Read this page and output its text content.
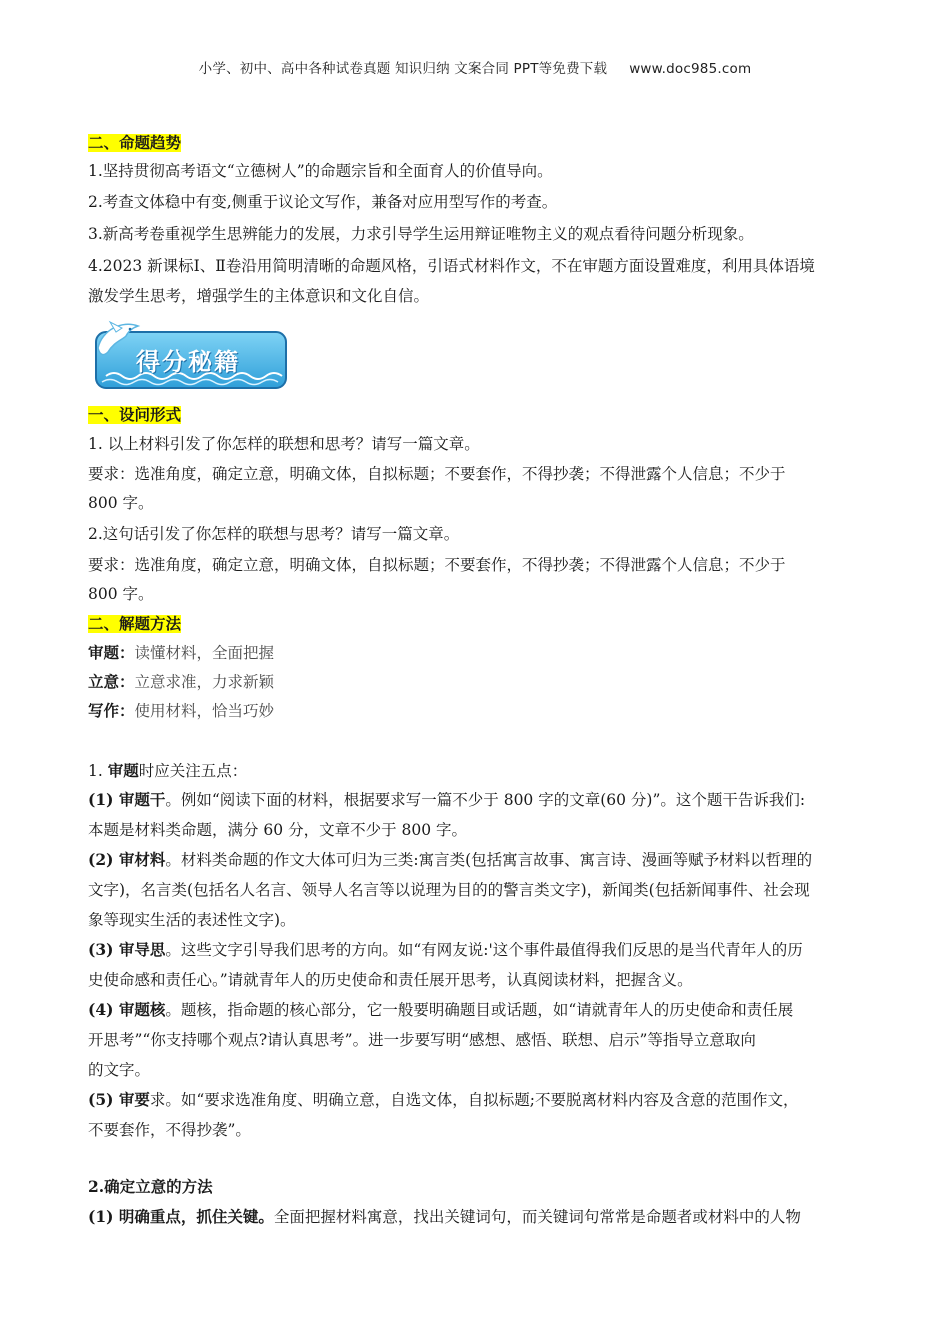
小学、初中、高中各种试卷真题 知识归纳 文案合同 PPT等免费下载 www.doc985.com
二、命题趋势
1.坚持贯彻高考语文“立德树人”的命题宗旨和全面育人的价值导向。
2.考查文体稳中有变,侧重于议论文写作，兼备对应用型写作的考查。
3.新高考卷重视学生思辨能力的发展，力求引导学生运用辩证唯物主义的观点看待问题分析现象。
4.2023 新课标Ⅰ、Ⅱ卷沿用简明清晰的命题风格，引语式材料作文，不在审题方面设置难度，利用具体语境
激发学生思考，增强学生的主体意识和文化自信。
得分秘籍
一、设问形式
1. 以上材料引发了你怎样的联想和思考？请写一篇文章。
要求：选准角度，确定立意，明确文体，自拟标题；不要套作，不得抄袭；不得泄露个人信息；不少于
800 字。
2.这句话引发了你怎样的联想与思考？请写一篇文章。
要求：选准角度，确定立意，明确文体，自拟标题；不要套作，不得抄袭；不得泄露个人信息；不少于
800 字。
二、解题方法
审题：读懂材料，全面把握
立意：立意求准，力求新颖
写作：使用材料，恰当巧妙
1. 审题时应关注五点：
(1) 审题干。例如“阅读下面的材料，根据要求写一篇不少于 800 字的文章(60 分)”。这个题干告诉我们:
本题是材料类命题，满分 60 分，文章不少于 800 字。
(2) 审材料。材料类命题的作文大体可归为三类:寓言类(包括寓言故事、寓言诗、漫画等赋予材料以哲理的
文字)，名言类(包括名人名言、领导人名言等以说理为目的的警言类文字)，新闻类(包括新闻事件、社会现
象等现实生活的表述性文字)。
(3) 审导思。这些文字引导我们思考的方向。如“有网友说:'这个事件最值得我们反思的是当代青年人的历
史使命感和责任心。”请就青年人的历史使命和责任展开思考，认真阅读材料，把握含义。
(4) 审题核。题核，指命题的核心部分，它一般要明确题目或话题，如“请就青年人的历史使命和责任展
开思考”“你支持哪个观点?请认真思考”。进一步要写明“感想、感悟、联想、启示”等指导立意取向
的文字。
(5) 审要求。如“要求选准角度、明确立意，自选文体，自拟标题;不要脱离材料内容及含意的范围作文，
不要套作，不得抄袭”。
2.确定立意的方法
(1) 明确重点，抓住关键。全面把握材料寓意，找出关键词句，而关键词句常常是命题者或材料中的人物
